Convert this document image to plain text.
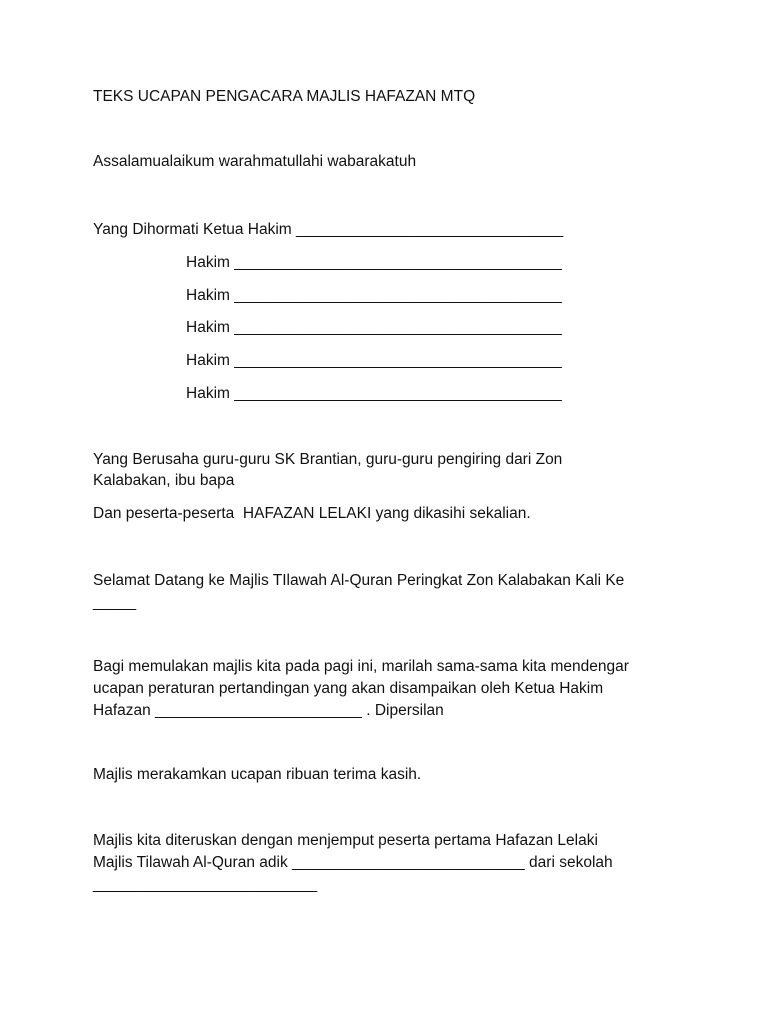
TEKS UCAPAN PENGACARA MAJLIS HAFAZAN MTQ

Assalamualaikum warahmatullahi wabarakatuh

Yang Dihormati Ketua Hakim _______________________________

Hakim ______________________________________

Hakim ______________________________________

Hakim ______________________________________

Hakim ______________________________________

Hakim ______________________________________

Yang Berusaha guru-guru SK Brantian, guru-guru pengiring dari Zon

Kalabakan, ibu bapa

Dan peserta-peserta  HAFAZAN LELAKI yang dikasihi sekalian.

Selamat Datang ke Majlis TIlawah Al-Quran Peringkat Zon Kalabakan Kali Ke

_____

Bagi memulakan majlis kita pada pagi ini, marilah sama-sama kita mendengar

ucapan peraturan pertandingan yang akan disampaikan oleh Ketua Hakim

Hafazan ________________________ . Dipersilan

Majlis merakamkan ucapan ribuan terima kasih.

Majlis kita diteruskan dengan menjemput peserta pertama Hafazan Lelaki

Majlis Tilawah Al-Quran adik ___________________________ dari sekolah

__________________________
